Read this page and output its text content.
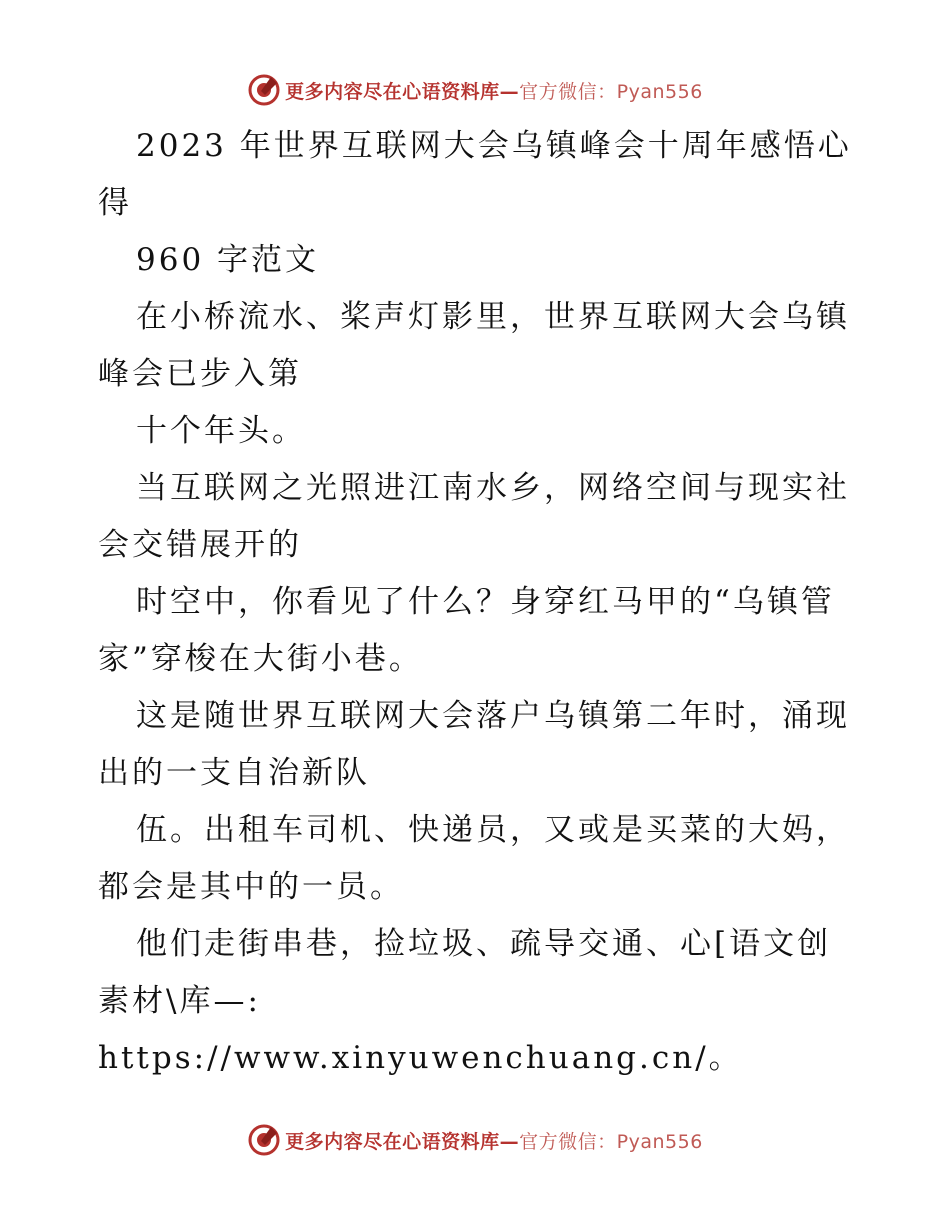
更多内容尽在心语资料库—官方微信：Pyan556

2023 年世界互联网大会乌镇峰会十周年感悟心得

960 字范文

在小桥流水、桨声灯影里，世界互联网大会乌镇峰会已步入第

十个年头。

当互联网之光照进江南水乡，网络空间与现实社会交错展开的

时空中，你看见了什么？身穿红马甲的“乌镇管家”穿梭在大街小巷。

这是随世界互联网大会落户乌镇第二年时，涌现出的一支自治新队

伍。出租车司机、快递员，又或是买菜的大妈，都会是其中的一员。

他们走街串巷，捡垃圾、疏导交通、心[语文创素材\库—: https://www.xinyuwenchuang.cn/。

更多内容尽在心语资料库—官方微信：Pyan556
